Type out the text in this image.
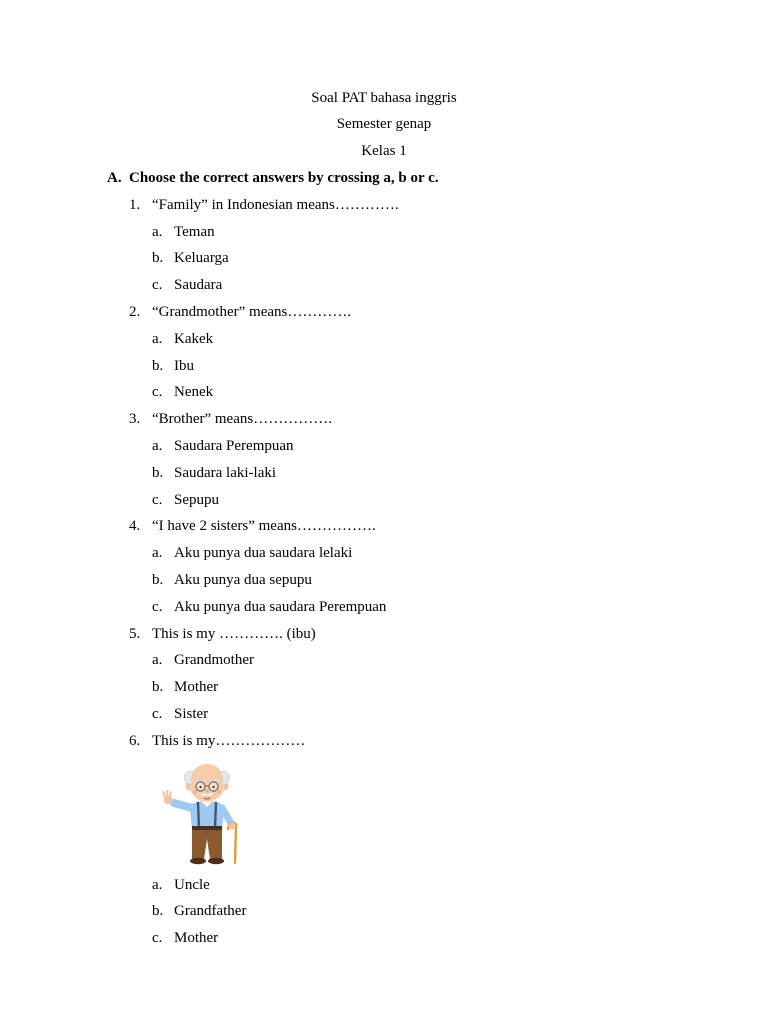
Soal PAT bahasa inggris
Semester genap
Kelas 1
A. Choose the correct answers by crossing a, b or c.
1. “Family” in Indonesian means………….
a. Teman
b. Keluarga
c. Saudara
2. “Grandmother” means………….
a. Kakek
b. Ibu
c. Nenek
3. “Brother” means…………….
a. Saudara Perempuan
b. Saudara laki-laki
c. Sepupu
4. “I have 2 sisters” means…………….
a. Aku punya dua saudara lelaki
b. Aku punya dua sepupu
c. Aku punya dua saudara Perempuan
5. This is my …………. (ibu)
a. Grandmother
b. Mother
c. Sister
6. This is my………………
a. Uncle
b. Grandfather
c. Mother
